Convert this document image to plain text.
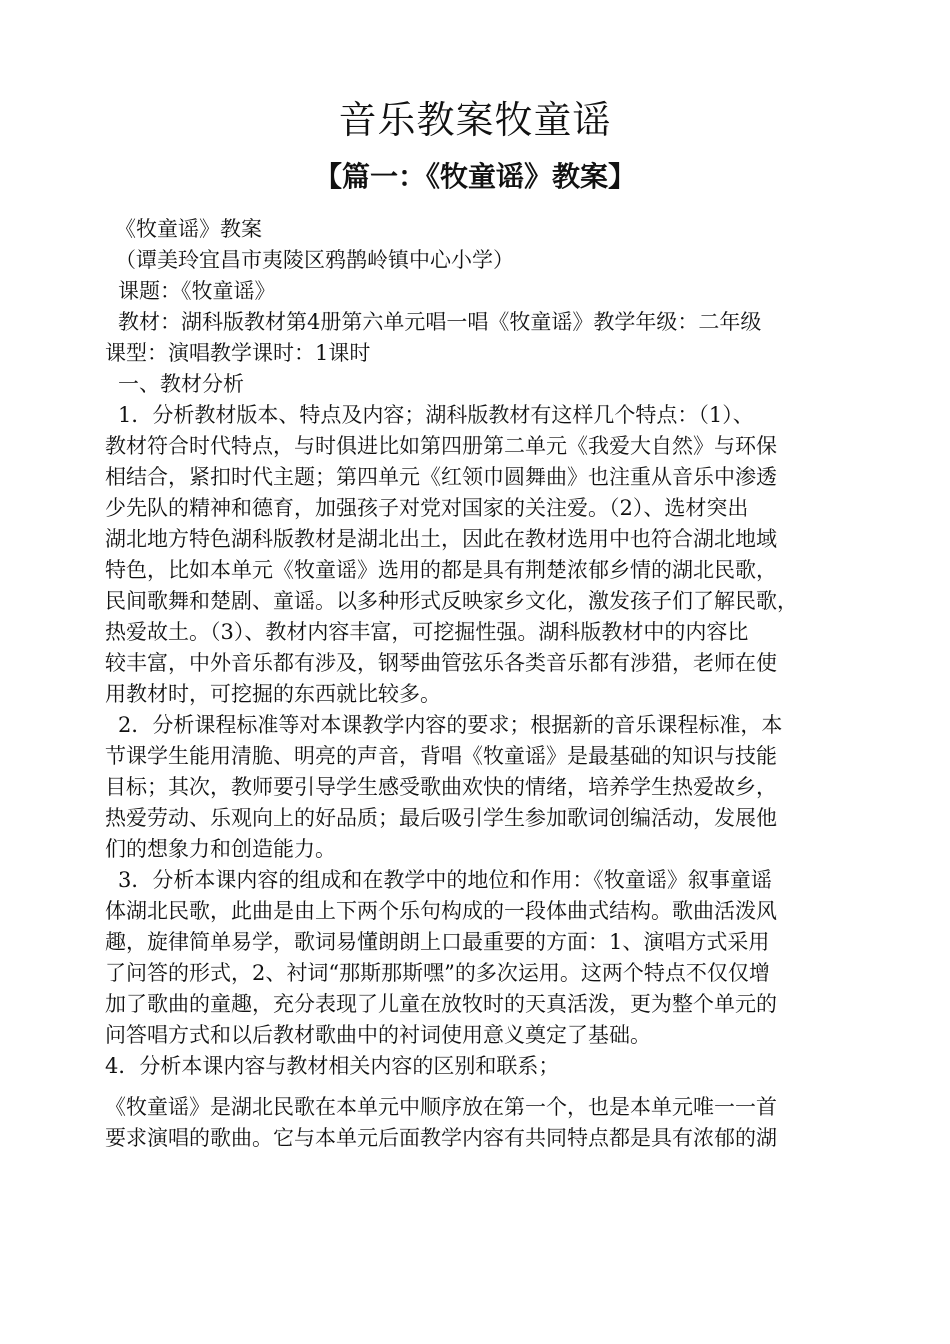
音乐教案牧童谣
【篇一：《牧童谣》教案】
《牧童谣》教案
（谭美玲宜昌市夷陵区鸦鹊岭镇中心小学）
课题：《牧童谣》
教材：湖科版教材第4册第六单元唱一唱《牧童谣》教学年级：二年级
课型：演唱教学课时：1课时
一、教材分析
1．分析教材版本、特点及内容；湖科版教材有这样几个特点：（1）、
教材符合时代特点，与时俱进比如第四册第二单元《我爱大自然》与环保
相结合，紧扣时代主题；第四单元《红领巾圆舞曲》也注重从音乐中渗透
少先队的精神和德育，加强孩子对党对国家的关注爱。（2）、选材突出
湖北地方特色湖科版教材是湖北出土，因此在教材选用中也符合湖北地域
特色，比如本单元《牧童谣》选用的都是具有荆楚浓郁乡情的湖北民歌，
民间歌舞和楚剧、童谣。以多种形式反映家乡文化，激发孩子们了解民歌，
热爱故土。（3）、教材内容丰富，可挖掘性强。湖科版教材中的内容比
较丰富，中外音乐都有涉及，钢琴曲管弦乐各类音乐都有涉猎，老师在使
用教材时，可挖掘的东西就比较多。
2．分析课程标准等对本课教学内容的要求；根据新的音乐课程标准，本
节课学生能用清脆、明亮的声音，背唱《牧童谣》是最基础的知识与技能
目标；其次，教师要引导学生感受歌曲欢快的情绪，培养学生热爱故乡，
热爱劳动、乐观向上的好品质；最后吸引学生参加歌词创编活动，发展他
们的想象力和创造能力。
3．分析本课内容的组成和在教学中的地位和作用：《牧童谣》叙事童谣
体湖北民歌，此曲是由上下两个乐句构成的一段体曲式结构。歌曲活泼风
趣，旋律简单易学，歌词易懂朗朗上口最重要的方面：1、演唱方式采用
了问答的形式，2、衬词“那斯那斯嘿”的多次运用。这两个特点不仅仅增
加了歌曲的童趣，充分表现了儿童在放牧时的天真活泼，更为整个单元的
问答唱方式和以后教材歌曲中的衬词使用意义奠定了基础。
4．分析本课内容与教材相关内容的区别和联系；
《牧童谣》是湖北民歌在本单元中顺序放在第一个，也是本单元唯一一首
要求演唱的歌曲。它与本单元后面教学内容有共同特点都是具有浓郁的湖
